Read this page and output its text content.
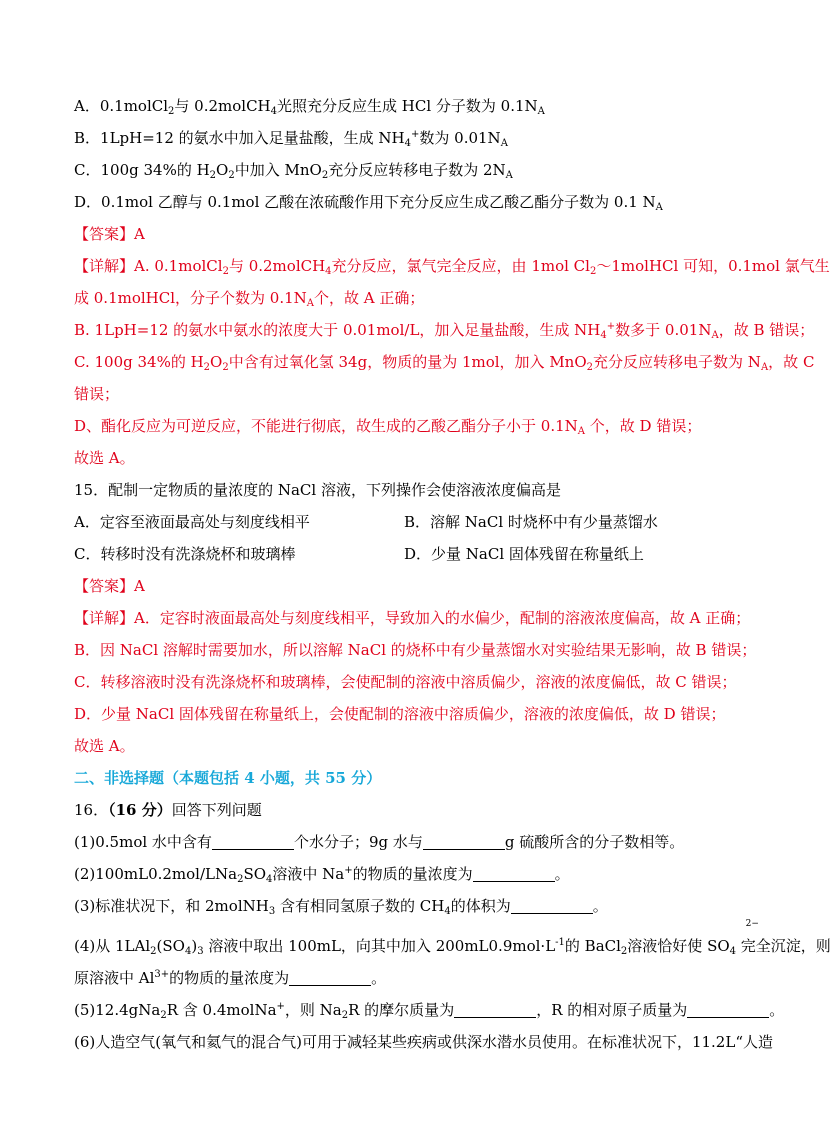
A．0.1molCl$_2$与 0.2molCH$_4$光照充分反应生成 HCl 分子数为 $0.1N_A$
B．1LpH=12 的氨水中加入足量盐酸，生成 $NH_4^+$数为 $0.01N_A$
C．100g 34%的 $H_2O_2$中加入 MnO$_2$充分反应转移电子数为 $2N_A$
D．0.1mol 乙醇与 0.1mol 乙酸在浓硫酸作用下充分反应生成乙酸乙酯分子数为 0.1 $N_A$
【答案】A
【详解】A. 0.1molCl$_2$与 0.2molCH$_4$充分反应，氯气完全反应，由 1mol $Cl_2\sim 1molHCl$ 可知，0.1mol 氯气生
成 0.1molHCl，分子个数为 $0.1N_A$个，故 A 正确；
B. 1LpH=12 的氨水中氨水的浓度大于 0.01mol/L，加入足量盐酸，生成 $NH_4^+$数多于 $0.01N_A$，故 B 错误；
C. 100g 34%的 $H_2O_2$中含有过氧化氢 34g，物质的量为 1mol，加入 MnO$_2$充分反应转移电子数为 $N_A$，故 C
错误；
D、酯化反应为可逆反应，不能进行彻底，故生成的乙酸乙酯分子小于 $0.1N_A$ 个，故 D 错误；
故选 A。
15．配制一定物质的量浓度的 NaCl 溶液，下列操作会使溶液浓度偏高是
A．定容至液面最高处与刻度线相平	B．溶解 NaCl 时烧杯中有少量蒸馏水
C．转移时没有洗涤烧杯和玻璃棒	D．少量 NaCl 固体残留在称量纸上
【答案】A
【详解】A．定容时液面最高处与刻度线相平，导致加入的水偏少，配制的溶液浓度偏高，故 A 正确；
B．因 NaCl 溶解时需要加水，所以溶解 NaCl 的烧杯中有少量蒸馏水对实验结果无影响，故 B 错误；
C．转移溶液时没有洗涤烧杯和玻璃棒，会使配制的溶液中溶质偏少，溶液的浓度偏低，故 C 错误；
D．少量 NaCl 固体残留在称量纸上，会使配制的溶液中溶质偏少，溶液的浓度偏低，故 D 错误；
故选 A。
二、非选择题（本题包括 4 小题，共 55 分）
16．（16 分）回答下列问题
(1)0.5mol 水中含有	个水分子；9g 水与	g 硫酸所含的分子数相等。
$(2)100mL0.2mol/LNa_2SO_4$溶液中 Na+的物质的量浓度为	。
(3)标准状况下，和 2molNH$_3$ 含有相同氢原子数的 $CH_4$的体积为	。
(4)从 $1LAl_2(SO_4)_3$ 溶液中取出 100mL，向其中加入 $200mL0.9mol\cdot L^{-1}$的 BaCl$_2$溶液恰好使 SO
2−
$_4$ 完全沉淀，则
原溶液中 $Al^{3+}$的物质的量浓度为	。
(5)12.4gNa$_2$R 含 0.4molNa+，则 $Na_2R$ 的摩尔质量为	，R 的相对原子质量为	。
(6)人造空气(氧气和氦气的混合气)可用于减轻某些疾病或供深水潜水员使用。在标准状况下，11.2L“人造
